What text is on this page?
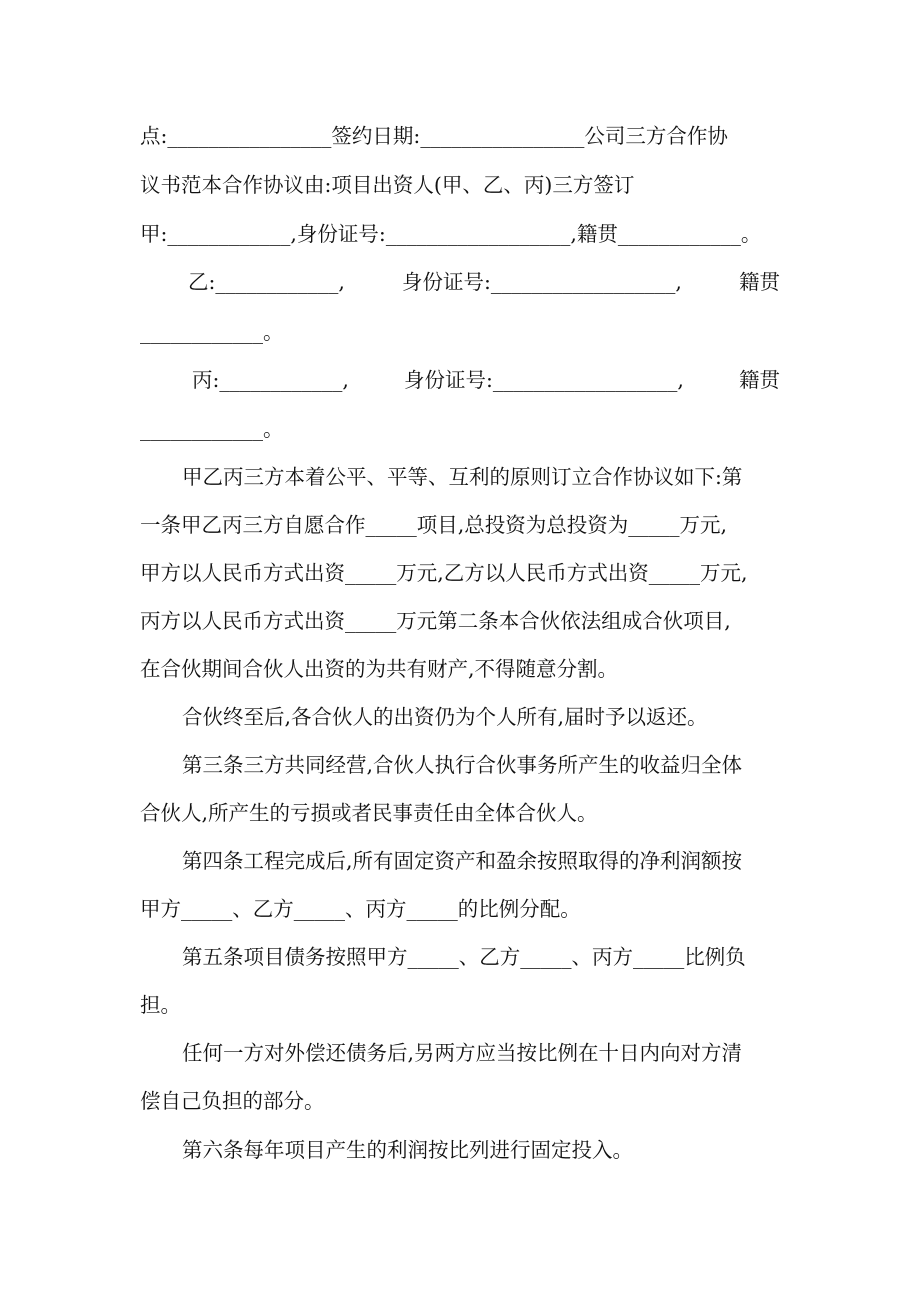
点:________________签约日期:________________公司三方合作协
议书范本合作协议由:项目出资人(甲、乙、丙)三方签订
甲:____________,身份证号:__________________,籍贯____________。
乙:____________,	身份证号:__________________,	籍贯
____________。
丙:____________,	身份证号:__________________,	籍贯
____________。
甲乙丙三方本着公平、平等、互利的原则订立合作协议如下:第
一条甲乙丙三方自愿合作_____项目,总投资为总投资为_____万元,
甲方以人民币方式出资_____万元,乙方以人民币方式出资_____万元,
丙方以人民币方式出资_____万元第二条本合伙依法组成合伙项目,
在合伙期间合伙人出资的为共有财产,不得随意分割。
合伙终至后,各合伙人的出资仍为个人所有,届时予以返还。
第三条三方共同经营,合伙人执行合伙事务所产生的收益归全体
合伙人,所产生的亏损或者民事责任由全体合伙人。
第四条工程完成后,所有固定资产和盈余按照取得的净利润额按
甲方_____、乙方_____、丙方_____的比例分配。
第五条项目债务按照甲方_____、乙方_____、丙方_____比例负
担。
任何一方对外偿还债务后,另两方应当按比例在十日内向对方清
偿自己负担的部分。
第六条每年项目产生的利润按比列进行固定投入。
